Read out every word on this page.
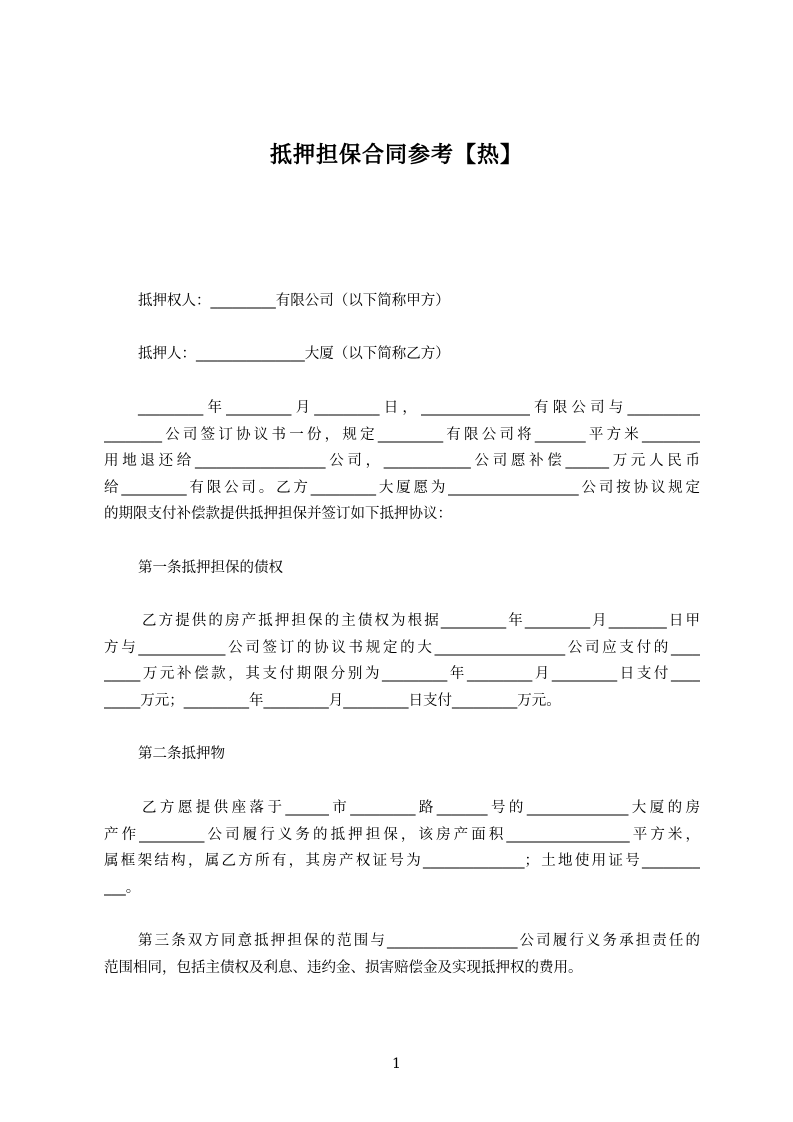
抵押担保合同参考【热】
抵押权人：_________有限公司（以下简称甲方）
抵押人：_______________大厦（以下简称乙方）
_________年_________月_________日，_______________有限公司与__________
________公司签订协议书一份，规定_________有限公司将_______平方米________
用地退还给__________________公司，____________公司愿补偿______万元人民币
给_________有限公司。乙方_________大厦愿为__________________公司按协议规定
的期限支付补偿款提供抵押担保并签订如下抵押协议：
第一条抵押担保的债权
乙方提供的房产抵押担保的主债权为根据_________年_________月________日甲
方与____________公司签订的协议书规定的大__________________公司应支付的____
_____万元补偿款，其支付期限分别为_________年_________月_________日支付____
_____万元；_________年_________月_________日支付_________万元。
第二条抵押物
乙方愿提供座落于______市_________路_______号的______________大厦的房
产作_________公司履行义务的抵押担保，该房产面积_________________平方米，
属框架结构，属乙方所有，其房产权证号为______________；土地使用证号________
___。
第三条双方同意抵押担保的范围与__________________公司履行义务承担责任的
范围相同，包括主债权及利息、违约金、损害赔偿金及实现抵押权的费用。
1
